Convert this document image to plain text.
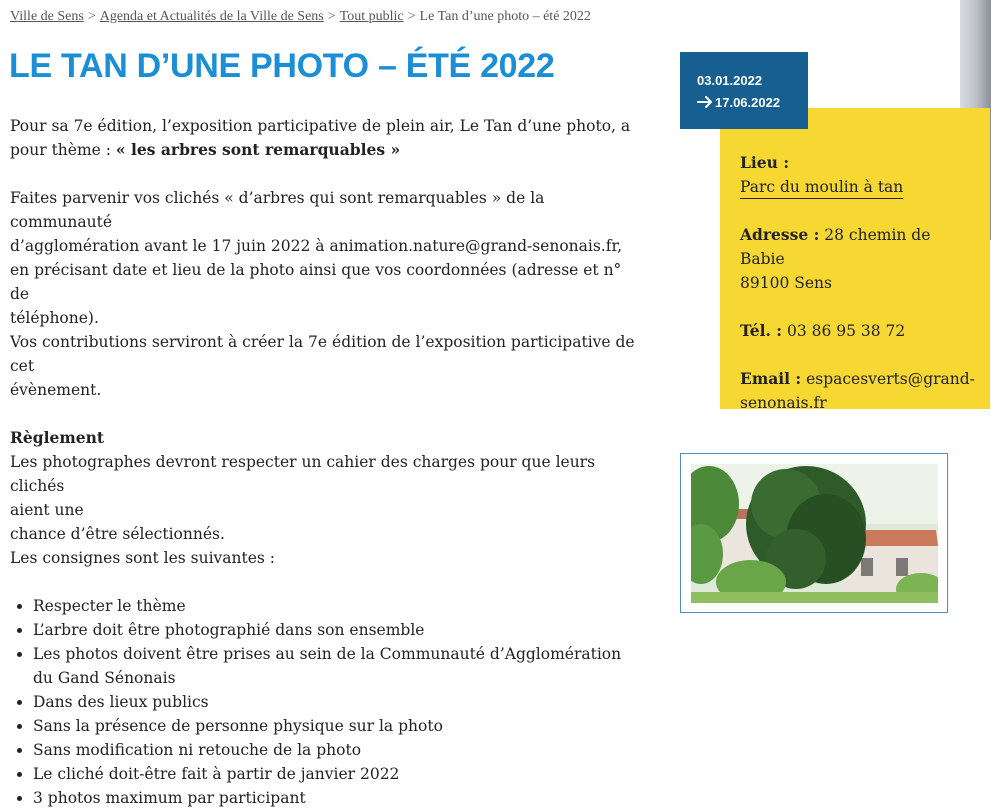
Ville de Sens > Agenda et Actualités de la Ville de Sens > Tout public > Le Tan d’une photo – été 2022
LE TAN D’UNE PHOTO – ÉTÉ 2022

Pour sa 7e édition, l’exposition participative de plein air, Le Tan d’une photo, a
pour thème : « les arbres sont remarquables »

Faites parvenir vos clichés « d’arbres qui sont remarquables » de la communauté
d’agglomération avant le 17 juin 2022 à animation.nature@grand-senonais.fr,
en précisant date et lieu de la photo ainsi que vos coordonnées (adresse et n° de
téléphone).
Vos contributions serviront à créer la 7e édition de l’exposition participative de
cet
évènement.

Règlement
Les photographes devront respecter un cahier des charges pour que leurs clichés
aient une
chance d’être sélectionnés.
Les consignes sont les suivantes :

• Respecter le thème
• L’arbre doit être photographié dans son ensemble
• Les photos doivent être prises au sein de la Communauté d’Agglomération du Gand Sénonais
• Dans des lieux publics
• Sans la présence de personne physique sur la photo
• Sans modification ni retouche de la photo
• Le cliché doit-être fait à partir de janvier 2022
• 3 photos maximum par participant
03.01.2022
17.06.2022

Lieu :
Parc du moulin à tan

Adresse : 28 chemin de Babie
89100 Sens

Tél. : 03 86 95 38 72

Email : espacesverts@grand-
senonais.fr
